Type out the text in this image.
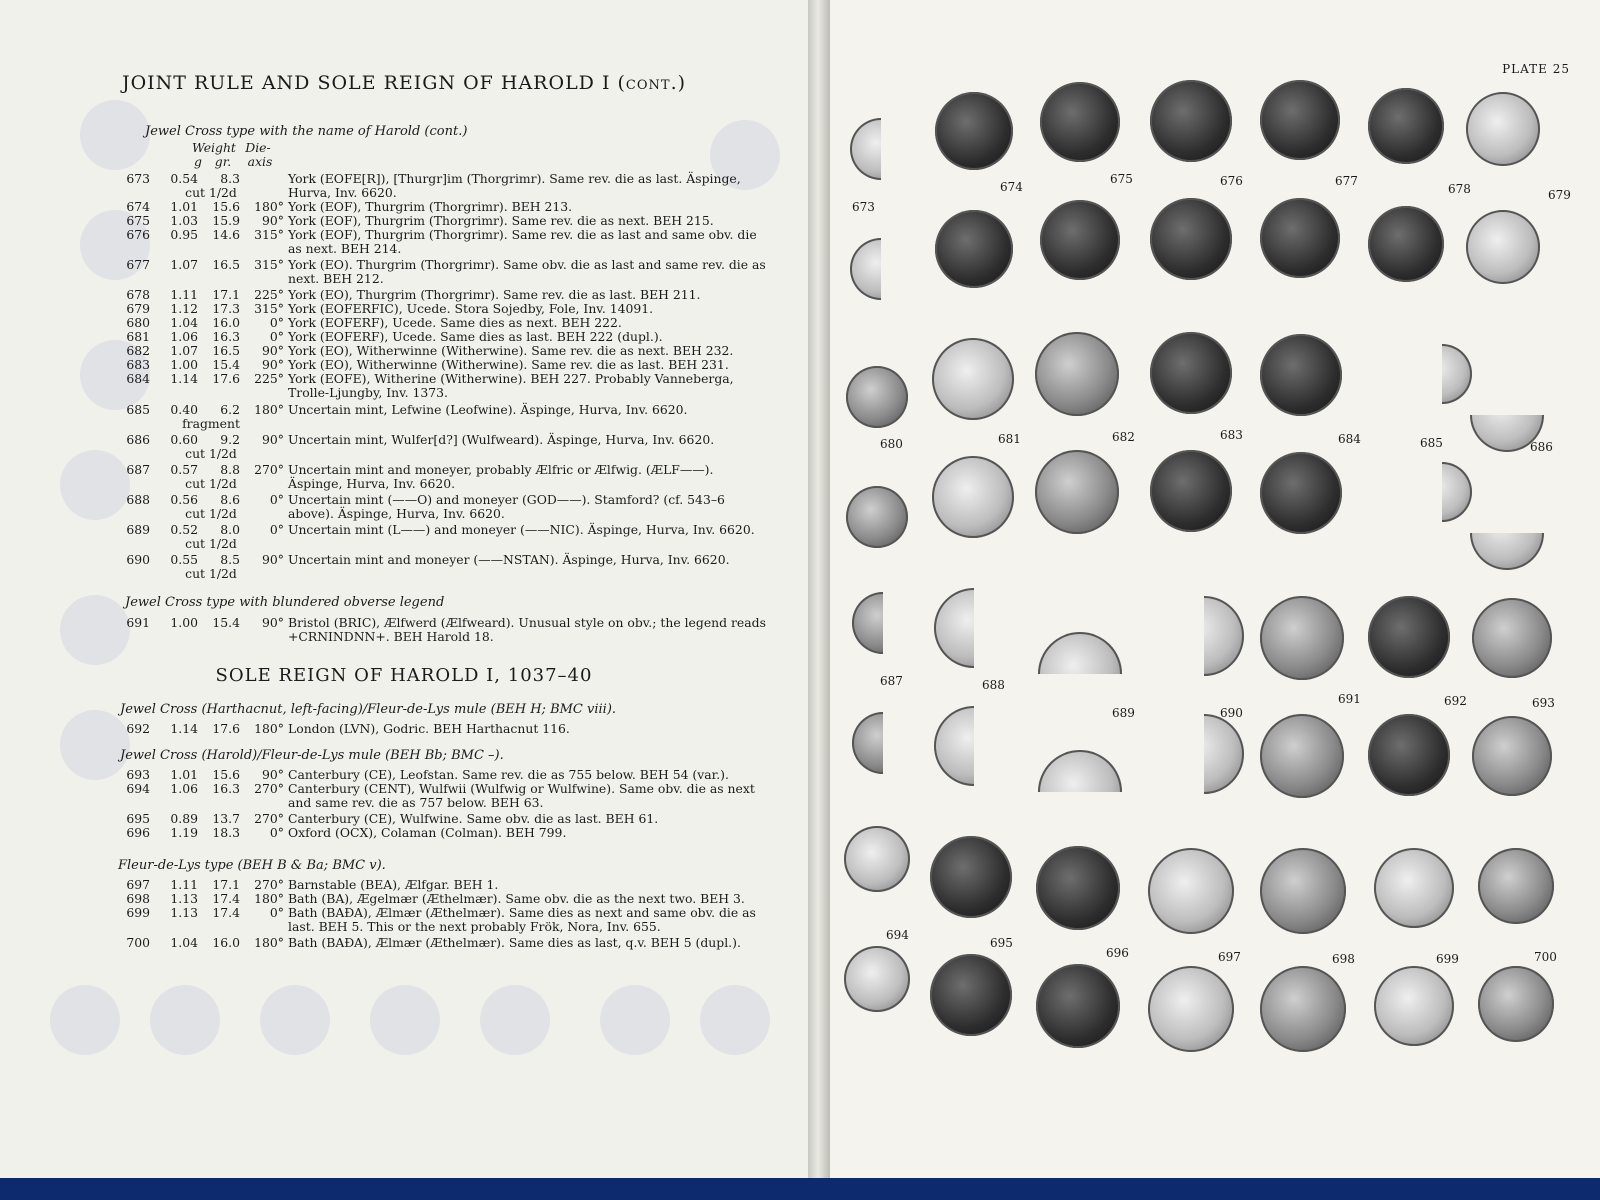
JOINT RULE AND SOLE REIGN OF HAROLD I (cont.)
Jewel Cross type with the name of Harold (cont.)
Weight Die-
g	gr.	axis
673	0.54	8.3	York (EOFE[R]), [Thurgr]im (Thorgrimr). Same rev. die as last. Äspinge, Hurva, Inv. 6620.
cut 1/2d
674	1.01	15.6	180° York (EOF), Thurgrim (Thorgrimr). BEH 213.
675	1.03	15.9	90° York (EOF), Thurgrim (Thorgrimr). Same rev. die as next. BEH 215.
676	0.95	14.6	315° York (EOF), Thurgrim (Thorgrimr). Same rev. die as last and same obv. die as next. BEH 214.
677	1.07	16.5	315° York (EO). Thurgrim (Thorgrimr). Same obv. die as last and same rev. die as next. BEH 212.
678	1.11	17.1	225° York (EO), Thurgrim (Thorgrimr). Same rev. die as last. BEH 211.
679	1.12	17.3	315° York (EOFERFIC), Ucede. Stora Sojedby, Fole, Inv. 14091.
680	1.04	16.0	0° York (EOFERF), Ucede. Same dies as next. BEH 222.
681	1.06	16.3	0° York (EOFERF), Ucede. Same dies as last. BEH 222 (dupl.).
682	1.07	16.5	90° York (EO), Witherwinne (Witherwine). Same rev. die as next. BEH 232.
683	1.00	15.4	90° York (EO), Witherwinne (Witherwine). Same rev. die as last. BEH 231.
684	1.14	17.6	225° York (EOFE), Witherine (Witherwine). BEH 227. Probably Vanneberga, Trolle-Ljungby, Inv. 1373.
685	0.40	6.2	180° Uncertain mint, Lefwine (Leofwine). Äspinge, Hurva, Inv. 6620.
fragment
686	0.60	9.2	90° Uncertain mint, Wulfer[d?] (Wulfweard). Äspinge, Hurva, Inv. 6620.
cut 1/2d
687	0.57	8.8	270° Uncertain mint and moneyer, probably Ælfric or Ælfwig. (ÆLF——). Äspinge, Hurva, Inv. 6620.
cut 1/2d
688	0.56	8.6	0° Uncertain mint (——O) and moneyer (GOD——). Stamford? (cf. 543–6 above). Äspinge, Hurva, Inv. 6620.
cut 1/2d
689	0.52	8.0	0° Uncertain mint (L——) and moneyer (——NIC). Äspinge, Hurva, Inv. 6620.
cut 1/2d
690	0.55	8.5	90° Uncertain mint and moneyer (——NSTAN). Äspinge, Hurva, Inv. 6620.
cut 1/2d
Jewel Cross type with blundered obverse legend
691	1.00	15.4	90° Bristol (BRIC), Ælfwerd (Ælfweard). Unusual style on obv.; the legend reads +CRNINDNN+. BEH Harold 18.
SOLE REIGN OF HAROLD I, 1037–40
Jewel Cross (Harthacnut, left-facing)/Fleur-de-Lys mule (BEH H; BMC viii).
692	1.14	17.6	180° London (LVN), Godric. BEH Harthacnut 116.
Jewel Cross (Harold)/Fleur-de-Lys mule (BEH Bb; BMC –).
693	1.01	15.6	90° Canterbury (CE), Leofstan. Same rev. die as 755 below. BEH 54 (var.).
694	1.06	16.3	270° Canterbury (CENT), Wulfwii (Wulfwig or Wulfwine). Same obv. die as next and same rev. die as 757 below. BEH 63.
695	0.89	13.7	270° Canterbury (CE), Wulfwine. Same obv. die as last. BEH 61.
696	1.19	18.3	0° Oxford (OCX), Colaman (Colman). BEH 799.
Fleur-de-Lys type (BEH B & Ba; BMC v).
697	1.11	17.1	270° Barnstable (BEA), Ælfgar. BEH 1.
698	1.13	17.4	180° Bath (BA), Ægelmær (Æthelmær). Same obv. die as the next two. BEH 3.
699	1.13	17.4	0° Bath (BAÐA), Ælmær (Æthelmær). Same dies as next and same obv. die as last. BEH 5. This or the next probably Frök, Nora, Inv. 655.
700	1.04	16.0	180° Bath (BAÐA), Ælmær (Æthelmær). Same dies as last, q.v. BEH 5 (dupl.).
PLATE 25
673
674
675	676	677
678	679
680	681	682	683	684	685	686
687	688
689	690
691	692	693
694
695
696	697	698	699	700
